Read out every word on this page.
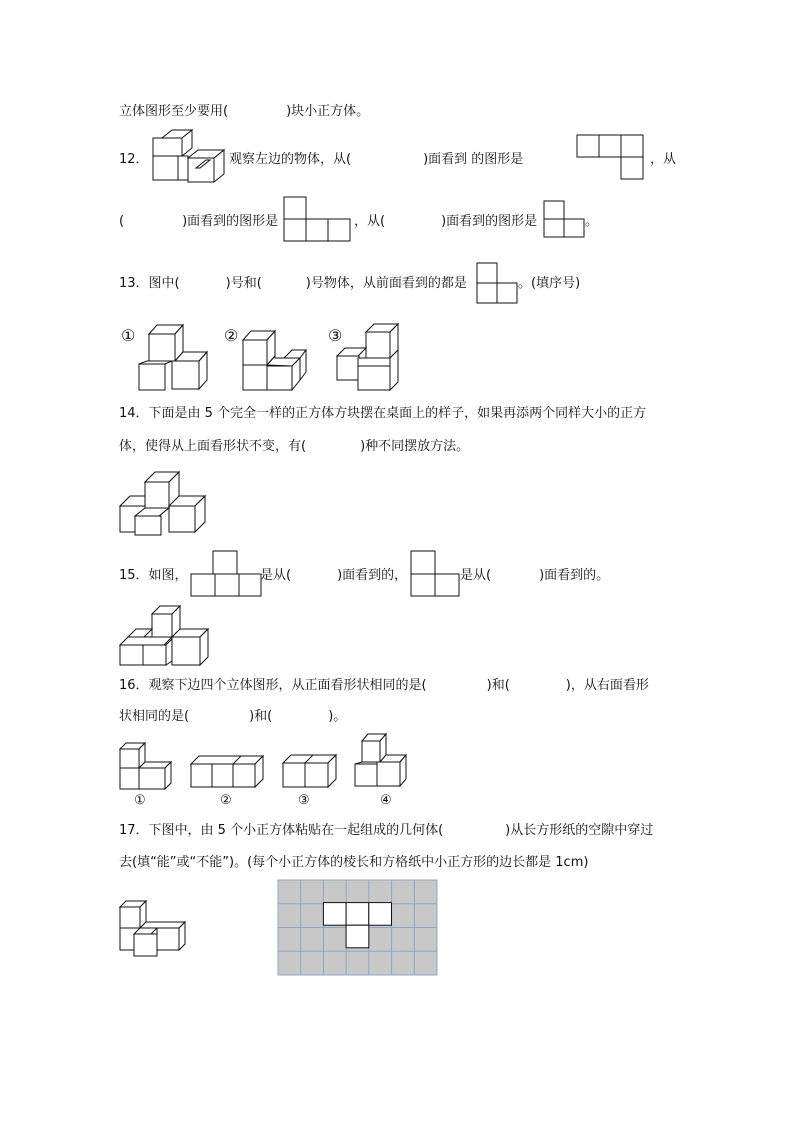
立体图形至少要用(	)块小正方体。
12．	观察左边的物体，从(	)面看到 的图形是	，从
(	)面看到的图形是	，从(	)面看到的图形是	。
13．图中(	)号和(	)号物体，从前面看到的都是	。(填序号)
①	②	③
14．下面是由 5 个完全一样的正方体方块摆在桌面上的样子，如果再添两个同样大小的正方
体，使得从上面看形状不变，有(	)种不同摆放方法。
15．如图，	是从(	)面看到的，	是从(	)面看到的。
16．观察下边四个立体图形，从正面看形状相同的是(	)和(	)，从右面看形
状相同的是(	)和(	)。
①	②	③	④
17．下图中，由 5 个小正方体粘贴在一起组成的几何体(	)从长方形纸的空隙中穿过
去(填“能”或“不能”)。(每个小正方体的棱长和方格纸中小正方形的边长都是 1cm)
